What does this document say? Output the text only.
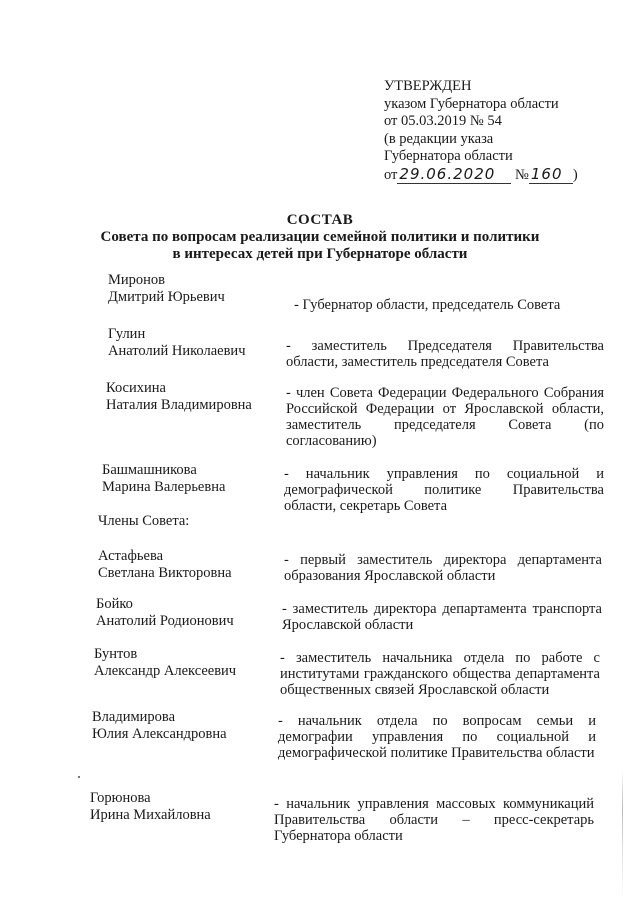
УТВЕРЖДЕН
указом Губернатора области
от 05.03.2019 № 54
(в редакции указа
Губернатора области
от 29.06.2020 № 160 )
СОСТАВ
Совета по вопросам реализации семейной политики и политики
в интересах детей при Губернаторе области
Миронов
Дмитрий Юрьевич	- Губернатор области, председатель Совета
Гулин
Анатолий Николаевич	- заместитель Председателя Правительства области, заместитель председателя Совета
Косихина
Наталия Владимировна
- член Совета Федерации Федерального Собрания Российской Федерации от Ярославской области, заместитель председателя Совета (по согласованию)
Башмашникова
Марина Валерьевна
- начальник управления по социальной и демографической политике Правительства области, секретарь Совета
Члены Совета:
Астафьева
Светлана Викторовна
- первый заместитель директора департамента образования Ярославской области
Бойко
Анатолий Родионович
- заместитель директора департамента транспорта Ярославской области
Бунтов
Александр Алексеевич
- заместитель начальника отдела по работе с институтами гражданского общества департамента общественных связей Ярославской области
Владимирова
Юлия Александровна
- начальник отдела по вопросам семьи и демографии управления по социальной и демографической политике Правительства области
Горюнова
Ирина Михайловна
- начальник управления массовых коммуникаций Правительства области – пресс-секретарь Губернатора области
